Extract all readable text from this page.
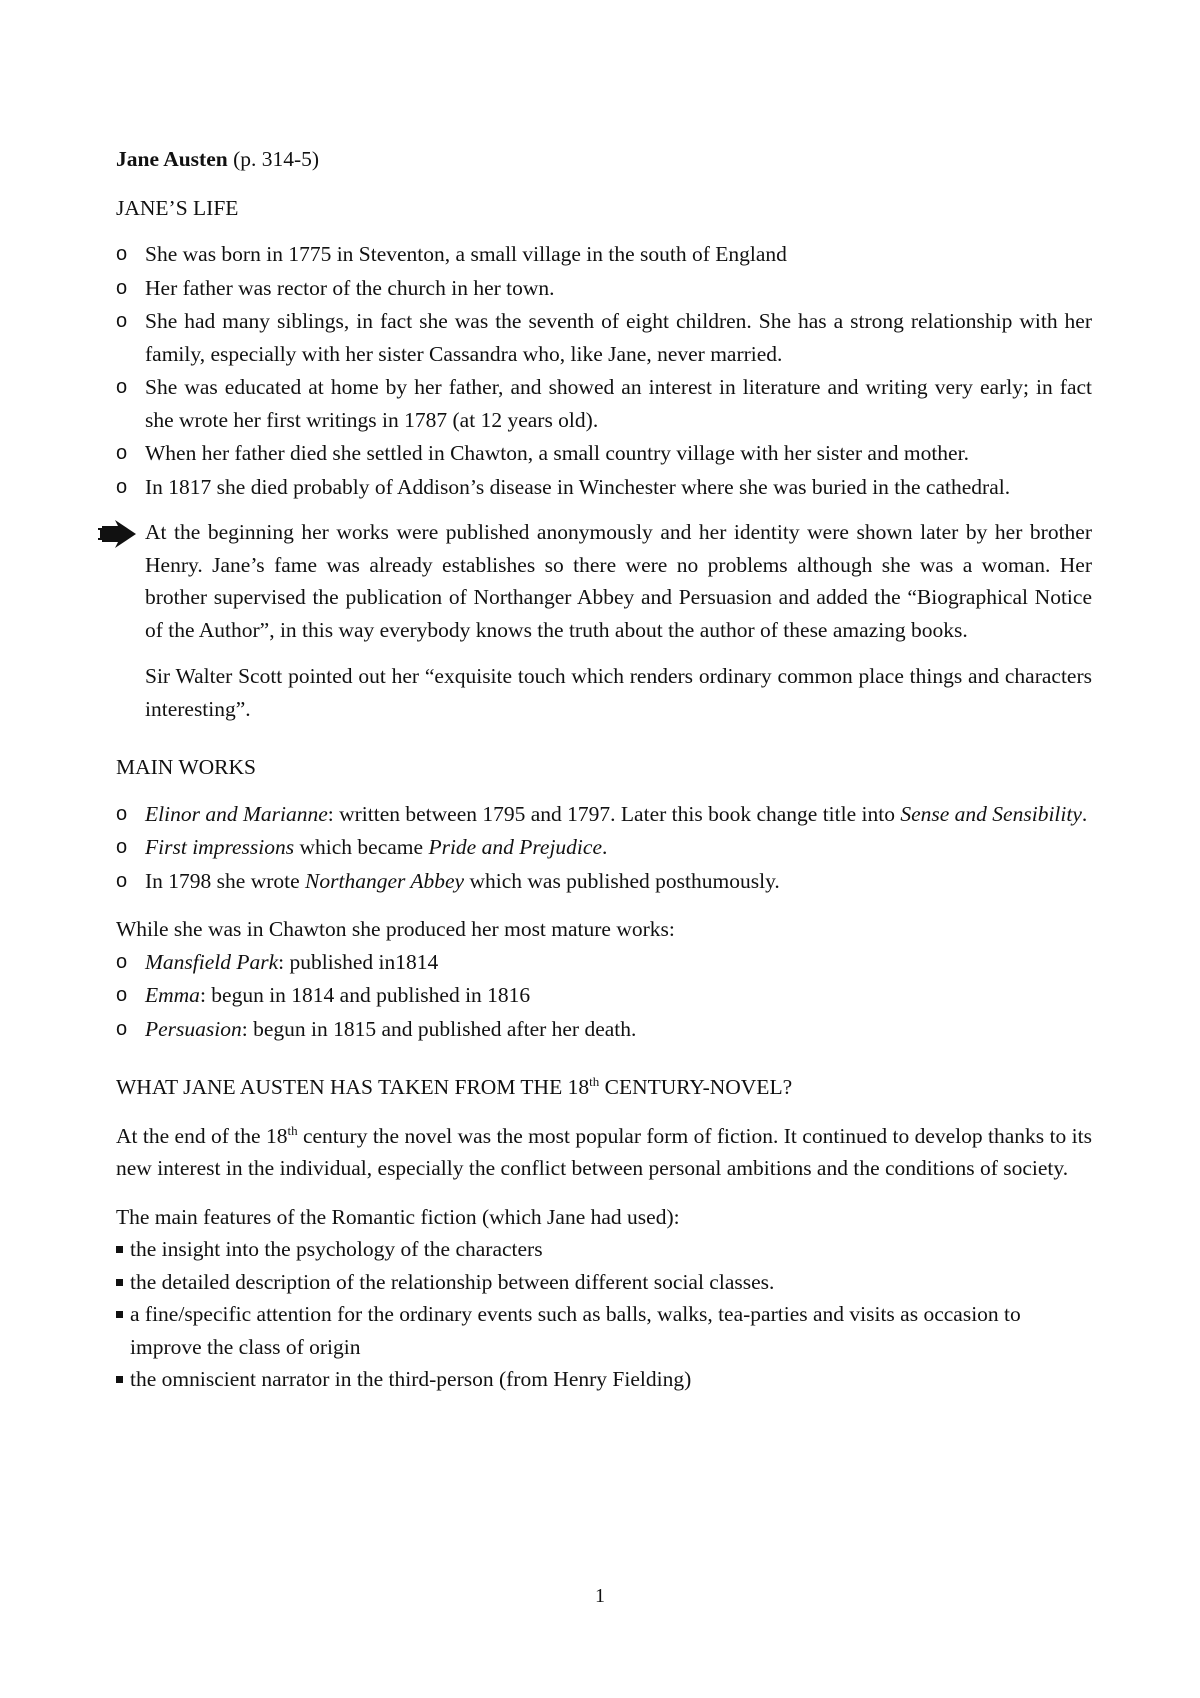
Jane Austen (p. 314-5)

JANE’S LIFE

o She was born in 1775 in Steventon, a small village in the south of England
o Her father was rector of the church in her town.
o She had many siblings, in fact she was the seventh of eight children. She has a strong relationship with her family, especially with her sister Cassandra who, like Jane, never married.
o She was educated at home by her father, and showed an interest in literature and writing very early; in fact she wrote her first writings in 1787 (at 12 years old).
o When her father died she settled in Chawton, a small country village with her sister and mother.
o In 1817 she died probably of Addison’s disease in Winchester where she was buried in the cathedral.
At the beginning her works were published anonymously and her identity were shown later by her brother Henry. Jane’s fame was already establishes so there were no problems although she was a woman. Her brother supervised the publication of Northanger Abbey and Persuasion and added the “Biographical Notice of the Author”, in this way everybody knows the truth about the author of these amazing books.

Sir Walter Scott pointed out her “exquisite touch which renders ordinary common place things and characters interesting”.

MAIN WORKS

o Elinor and Marianne: written between 1795 and 1797. Later this book change title into Sense and Sensibility.
o First impressions which became Pride and Prejudice.
o In 1798 she wrote Northanger Abbey which was published posthumously.

While she was in Chawton she produced her most mature works:

o Mansfield Park: published in1814
o Emma: begun in 1814 and published in 1816
o Persuasion: begun in 1815 and published after her death.

WHAT JANE AUSTEN HAS TAKEN FROM THE 18th CENTURY-NOVEL?

At the end of the 18th century the novel was the most popular form of fiction. It continued to develop thanks to its new interest in the individual, especially the conflict between personal ambitions and the conditions of society.

The main features of the Romantic fiction (which Jane had used):

the insight into the psychology of the characters
the detailed description of the relationship between different social classes.
a fine/specific attention for the ordinary events such as balls, walks, tea-parties and visits as occasion to improve the class of origin
the omniscient narrator in the third-person (from Henry Fielding)
1
